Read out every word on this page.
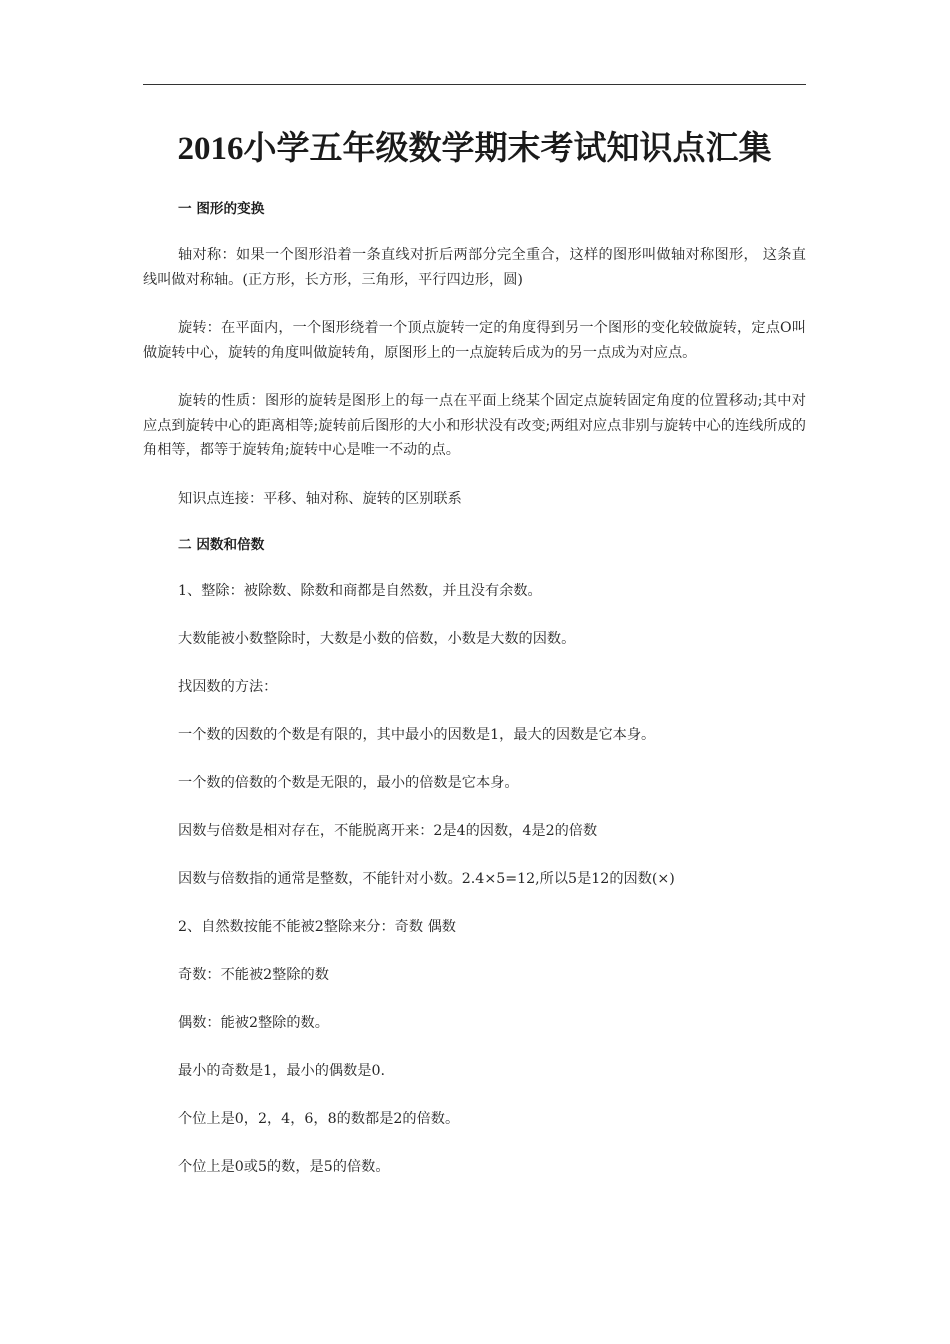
2016小学五年级数学期末考试知识点汇集

一 图形的变换

轴对称：如果一个图形沿着一条直线对折后两部分完全重合，这样的图形叫做轴对称图形， 这条直线叫做对称轴。(正方形，长方形，三角形，平行四边形，圆)

旋转：在平面内，一个图形绕着一个顶点旋转一定的角度得到另一个图形的变化较做旋转，定点O叫做旋转中心，旋转的角度叫做旋转角，原图形上的一点旋转后成为的另一点成为对应点。

旋转的性质：图形的旋转是图形上的每一点在平面上绕某个固定点旋转固定角度的位置移动;其中对应点到旋转中心的距离相等;旋转前后图形的大小和形状没有改变;两组对应点非别与旋转中心的连线所成的角相等，都等于旋转角;旋转中心是唯一不动的点。

知识点连接：平移、轴对称、旋转的区别联系

二 因数和倍数

1、整除：被除数、除数和商都是自然数，并且没有余数。

大数能被小数整除时，大数是小数的倍数，小数是大数的因数。

找因数的方法：

一个数的因数的个数是有限的，其中最小的因数是1，最大的因数是它本身。

一个数的倍数的个数是无限的，最小的倍数是它本身。

因数与倍数是相对存在，不能脱离开来：2是4的因数，4是2的倍数

因数与倍数指的通常是整数，不能针对小数。2.4×5=12,所以5是12的因数(×)

2、自然数按能不能被2整除来分：奇数 偶数

奇数：不能被2整除的数

偶数：能被2整除的数。

最小的奇数是1，最小的偶数是0.

个位上是0，2，4，6，8的数都是2的倍数。

个位上是0或5的数，是5的倍数。
